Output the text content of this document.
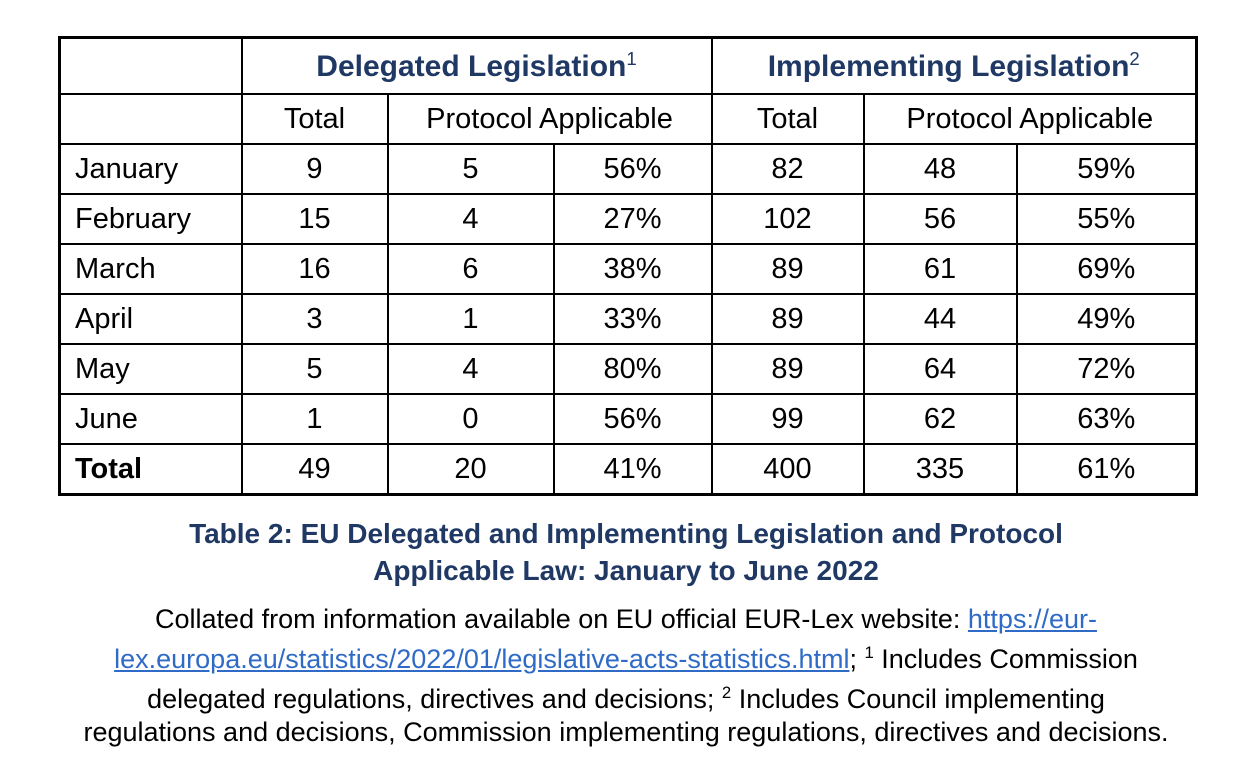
	Delegated Legislation$^1$			Implementing Legislation$^2$
	Total	Protocol Applicable		Total	Protocol Applicable	
January	9	5	56%	82	48	59%
February	15	4	27%	102	56	55%
March	16	6	38%	89	61	69%
April	3	1	33%	89	44	49%
May	5	4	80%	89	64	72%
June	1	0	56%	99	62	63%
Total	49	20	41%	400	335	61%
Table 2: EU Delegated and Implementing Legislation and Protocol
Applicable Law: January to June 2022
Collated from information available on EU official EUR-Lex website: https://eur-
lex.europa.eu/statistics/2022/01/legislative-acts-statistics.html; $^1$ Includes Commission
delegated regulations, directives and decisions; $^2$ Includes Council implementing
regulations and decisions, Commission implementing regulations, directives and decisions.
